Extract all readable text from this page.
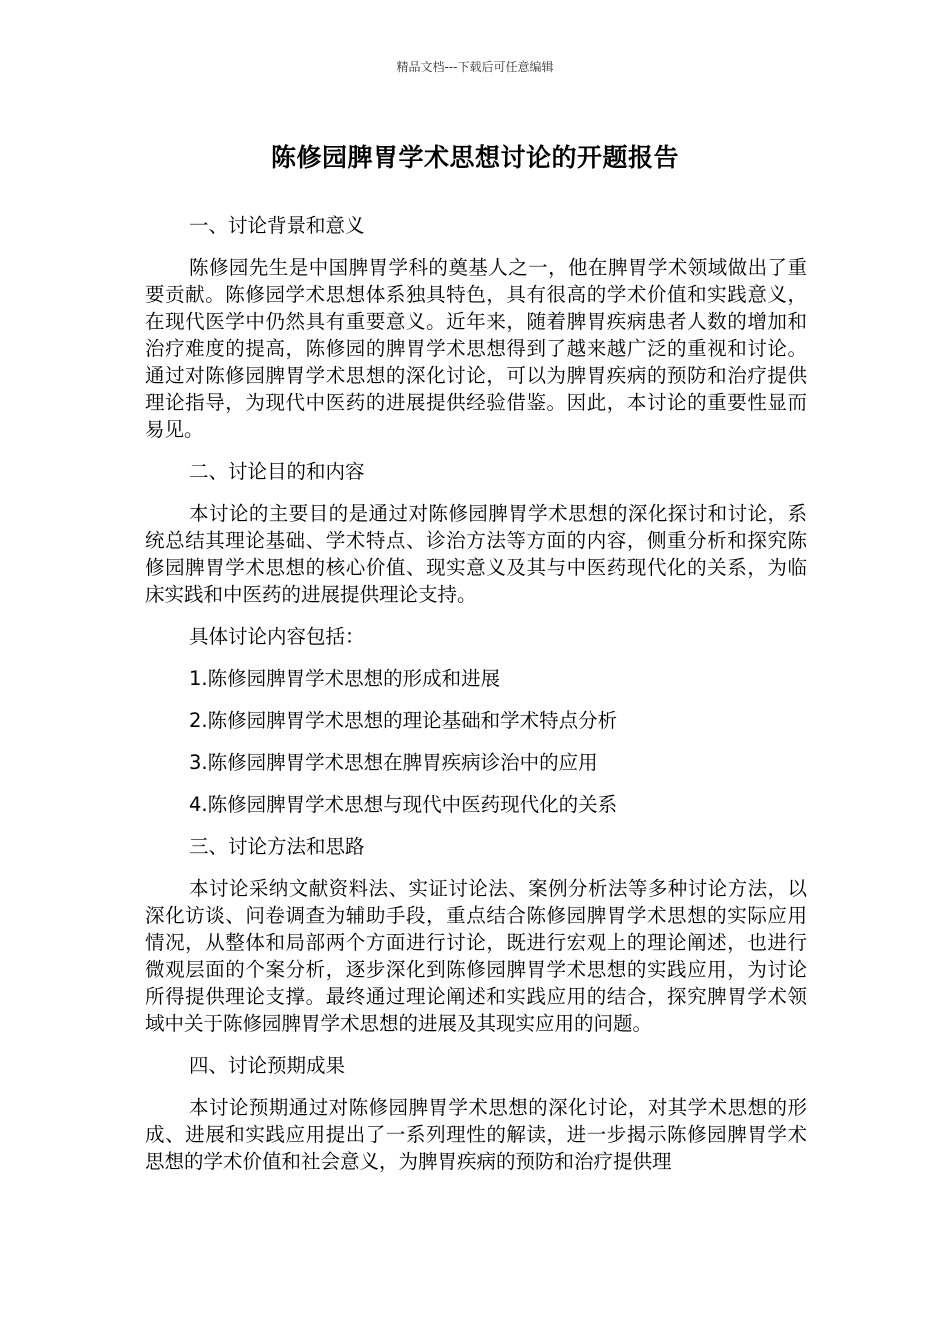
精品文档---下载后可任意编辑
陈修园脾胃学术思想讨论的开题报告

一、讨论背景和意义

陈修园先生是中国脾胃学科的奠基人之一，他在脾胃学术领域做出了重要贡献。陈修园学术思想体系独具特色，具有很高的学术价值和实践意义，在现代医学中仍然具有重要意义。近年来，随着脾胃疾病患者人数的增加和治疗难度的提高，陈修园的脾胃学术思想得到了越来越广泛的重视和讨论。通过对陈修园脾胃学术思想的深化讨论，可以为脾胃疾病的预防和治疗提供理论指导，为现代中医药的进展提供经验借鉴。因此，本讨论的重要性显而易见。

二、讨论目的和内容

本讨论的主要目的是通过对陈修园脾胃学术思想的深化探讨和讨论，系统总结其理论基础、学术特点、诊治方法等方面的内容，侧重分析和探究陈修园脾胃学术思想的核心价值、现实意义及其与中医药现代化的关系，为临床实践和中医药的进展提供理论支持。

具体讨论内容包括：

1.陈修园脾胃学术思想的形成和进展

2.陈修园脾胃学术思想的理论基础和学术特点分析

3.陈修园脾胃学术思想在脾胃疾病诊治中的应用

4.陈修园脾胃学术思想与现代中医药现代化的关系

三、讨论方法和思路

本讨论采纳文献资料法、实证讨论法、案例分析法等多种讨论方法，以深化访谈、问卷调查为辅助手段，重点结合陈修园脾胃学术思想的实际应用情况，从整体和局部两个方面进行讨论，既进行宏观上的理论阐述，也进行微观层面的个案分析，逐步深化到陈修园脾胃学术思想的实践应用，为讨论所得提供理论支撑。最终通过理论阐述和实践应用的结合，探究脾胃学术领域中关于陈修园脾胃学术思想的进展及其现实应用的问题。

四、讨论预期成果

本讨论预期通过对陈修园脾胃学术思想的深化讨论，对其学术思想的形成、进展和实践应用提出了一系列理性的解读，进一步揭示陈修园脾胃学术思想的学术价值和社会意义，为脾胃疾病的预防和治疗提供理
